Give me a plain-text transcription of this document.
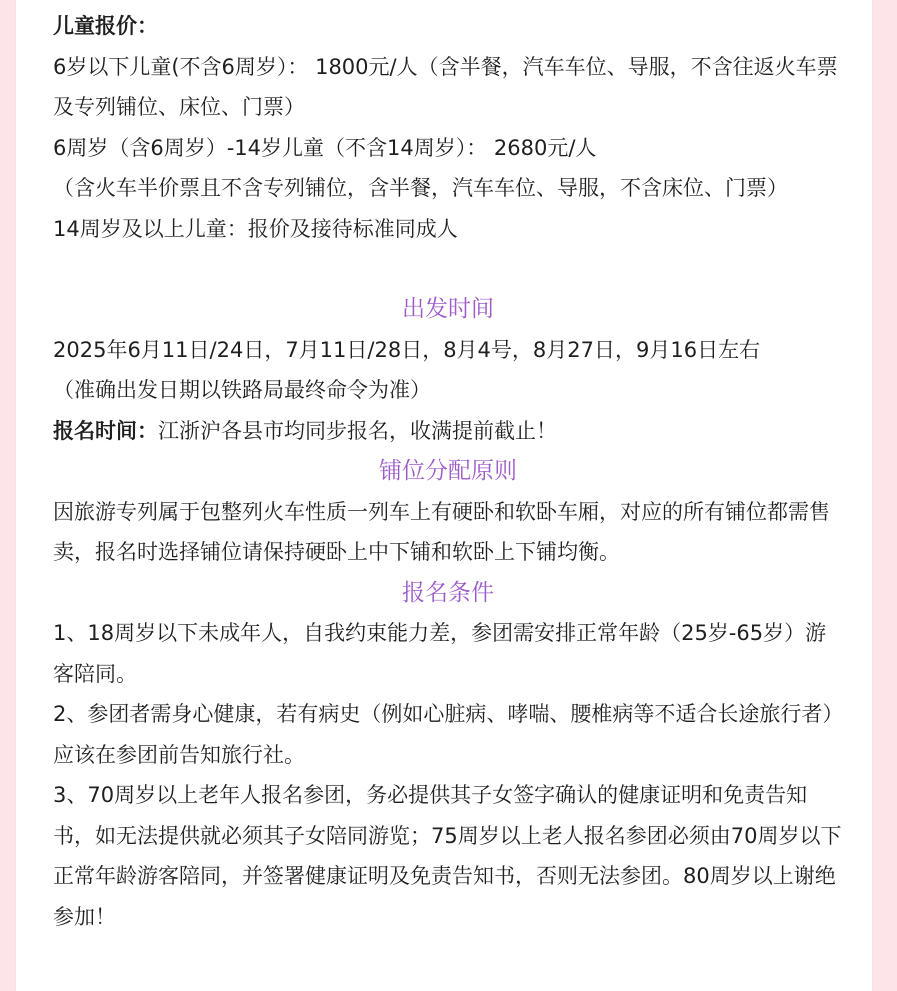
儿童报价：

6岁以下儿童(不含6周岁）： 1800元/人（含半餐，汽车车位、导服，不含往返火车票及专列铺位、床位、门票）

6周岁（含6周岁）-14岁儿童（不含14周岁）： 2680元/人

（含火车半价票且不含专列铺位，含半餐，汽车车位、导服，不含床位、门票）

14周岁及以上儿童：报价及接待标准同成人

出发时间

2025年6月11日/24日，7月11日/28日，8月4号，8月27日，9月16日左右

（准确出发日期以铁路局最终命令为准）

报名时间：江浙沪各县市均同步报名，收满提前截止！

铺位分配原则

因旅游专列属于包整列火车性质一列车上有硬卧和软卧车厢，对应的所有铺位都需售卖，报名时选择铺位请保持硬卧上中下铺和软卧上下铺均衡。

报名条件

1、18周岁以下未成年人，自我约束能力差，参团需安排正常年龄（25岁-65岁）游客陪同。

2、参团者需身心健康，若有病史（例如心脏病、哮喘、腰椎病等不适合长途旅行者）应该在参团前告知旅行社。

3、70周岁以上老年人报名参团，务必提供其子女签字确认的健康证明和免责告知书，如无法提供就必须其子女陪同游览；75周岁以上老人报名参团必须由70周岁以下正常年龄游客陪同，并签署健康证明及免责告知书，否则无法参团。80周岁以上谢绝参加！
